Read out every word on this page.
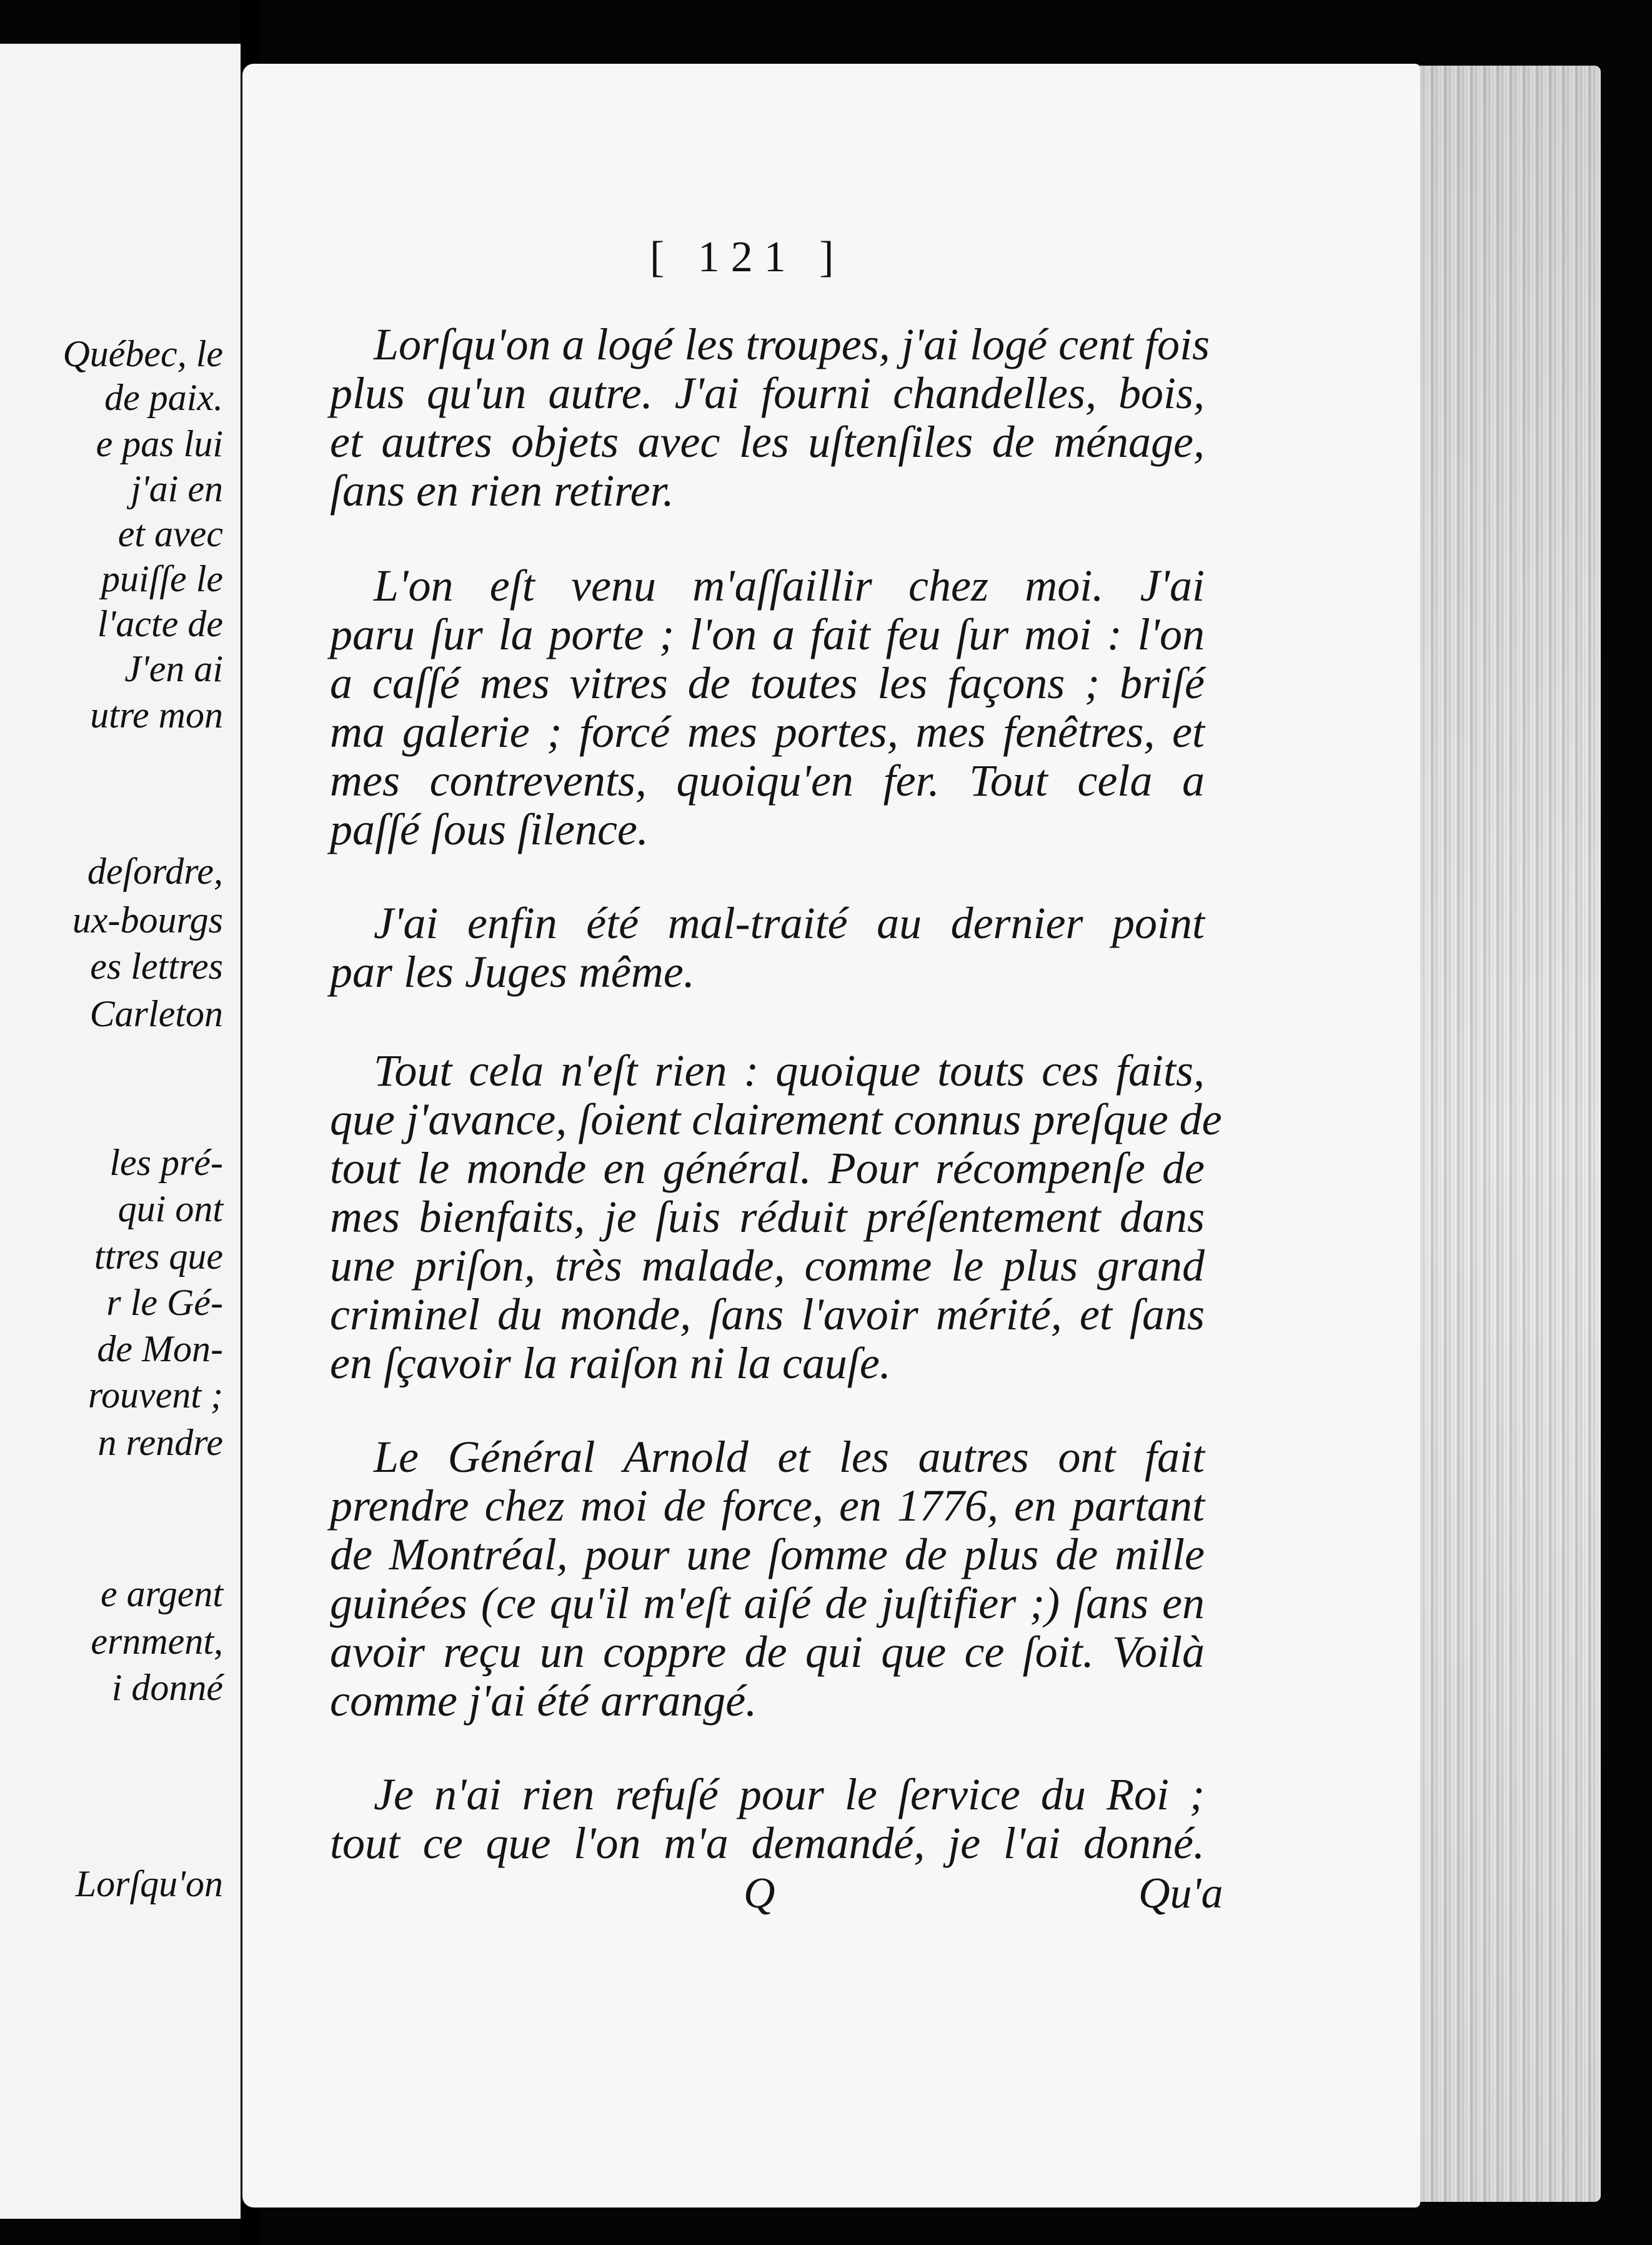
Québec, le
de paix.
e pas lui
j'ai en
et avec
puiſſe le
l'acte de
J'en ai
utre mon
deſordre,
ux-bourgs
es lettres
Carleton
les pré-
qui ont
ttres que
r le Gé-
de Mon-
rouvent ;
n rendre
e argent
ernment,
i donné
Lorſqu'on
[ 121 ]
Lorſqu'on a logé les troupes, j'ai logé cent fois
plus qu'un autre. J'ai fourni chandelles, bois,
et autres objets avec les uſtenſiles de ménage,
ſans en rien retirer.
L'on eſt venu m'aſſaillir chez moi. J'ai
paru ſur la porte ; l'on a fait feu ſur moi : l'on
a caſſé mes vitres de toutes les façons ; briſé
ma galerie ; forcé mes portes, mes fenêtres, et
mes contrevents, quoiqu'en fer. Tout cela a
paſſé ſous ſilence.
J'ai enfin été mal-traité au dernier point
par les Juges même.
Tout cela n'eſt rien : quoique touts ces faits,
que j'avance, ſoient clairement connus preſque de
tout le monde en général. Pour récompenſe de
mes bienfaits, je ſuis réduit préſentement dans
une priſon, très malade, comme le plus grand
criminel du monde, ſans l'avoir mérité, et ſans
en ſçavoir la raiſon ni la cauſe.
Le Général Arnold et les autres ont fait
prendre chez moi de force, en 1776, en partant
de Montréal, pour une ſomme de plus de mille
guinées (ce qu'il m'eſt aiſé de juſtifier ;) ſans en
avoir reçu un coppre de qui que ce ſoit. Voilà
comme j'ai été arrangé.
Je n'ai rien refuſé pour le ſervice du Roi ;
tout ce que l'on m'a demandé, je l'ai donné.
Q	Qu'a
